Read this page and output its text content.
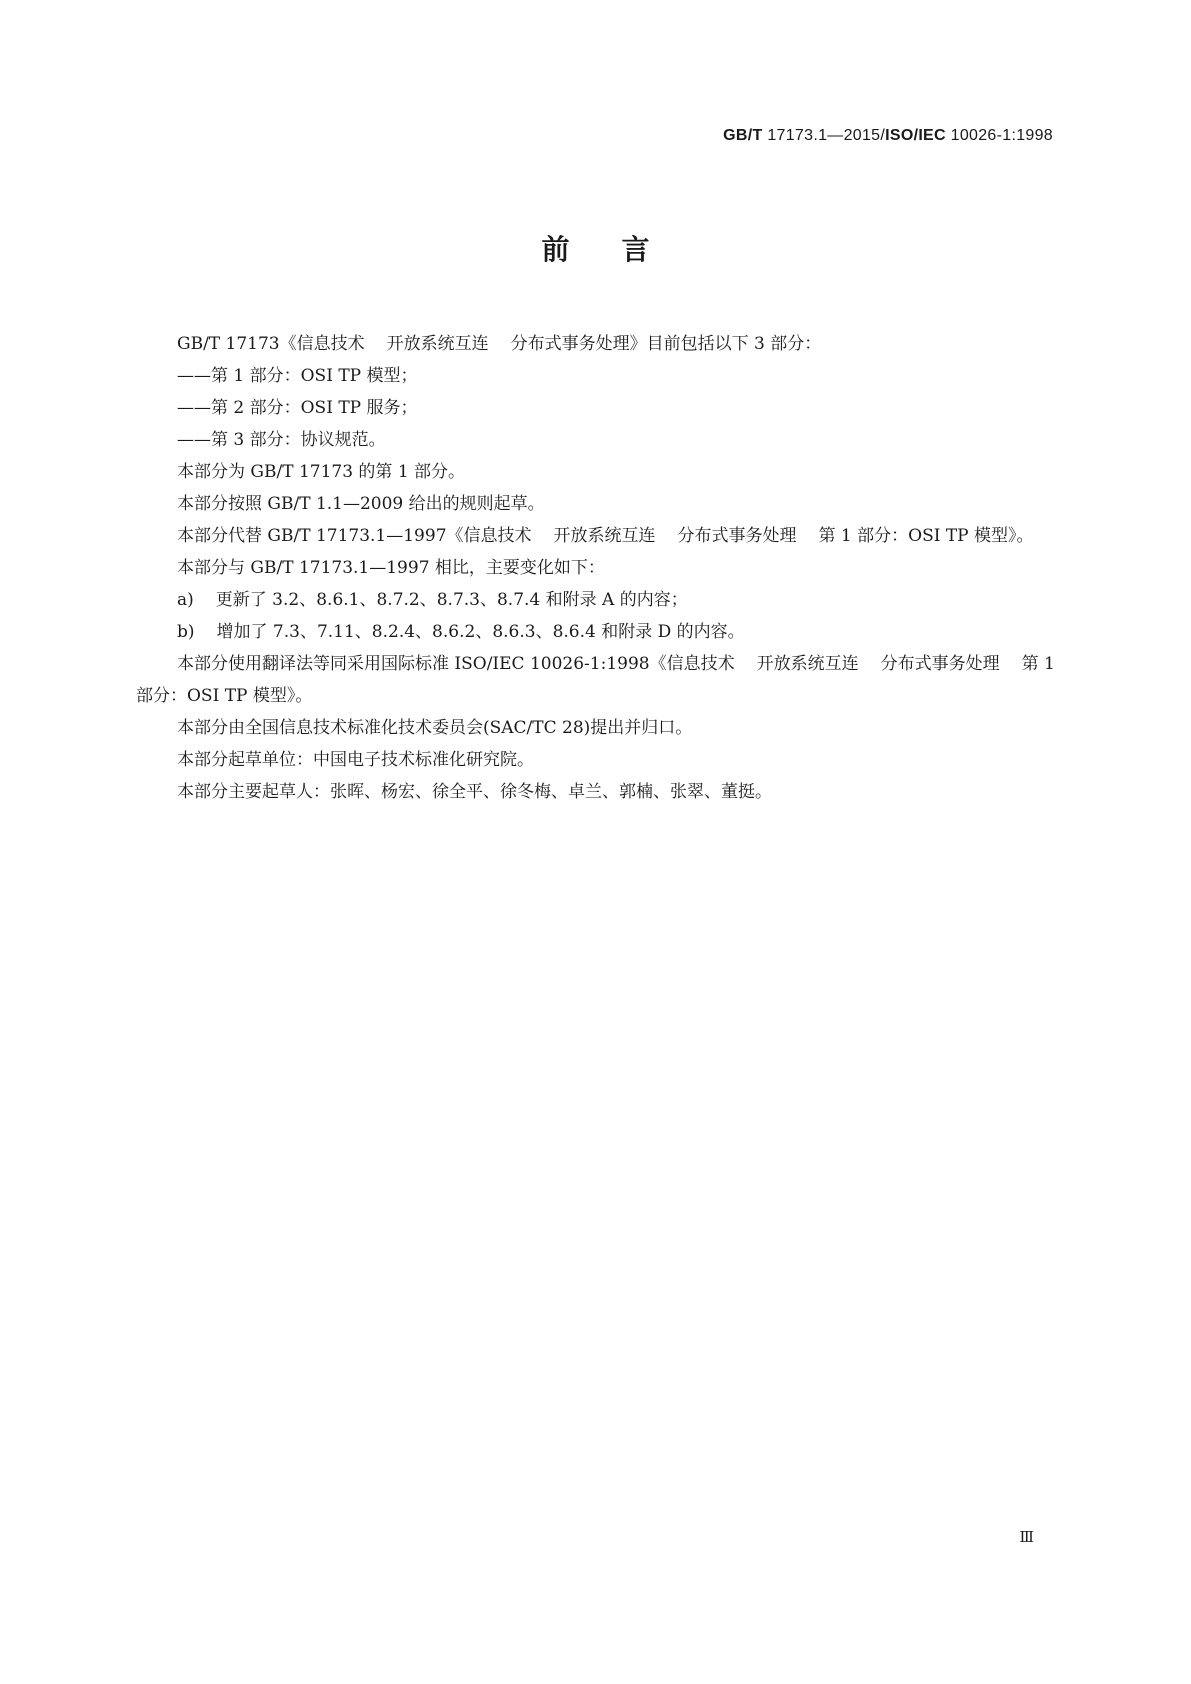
GB/T 17173.1—2015/ISO/IEC 10026-1:1998
前言

GB/T 17173《信息技术 开放系统互连 分布式事务处理》目前包括以下 3 部分：

——第 1 部分：OSI TP 模型；

——第 2 部分：OSI TP 服务；

——第 3 部分：协议规范。

本部分为 GB/T 17173 的第 1 部分。

本部分按照 GB/T 1.1—2009 给出的规则起草。

本部分代替 GB/T 17173.1—1997《信息技术 开放系统互连 分布式事务处理 第 1 部分：OSI TP 模型》。

本部分与 GB/T 17173.1—1997 相比，主要变化如下：

a) 更新了 3.2、8.6.1、8.7.2、8.7.3、8.7.4 和附录 A 的内容；

b) 增加了 7.3、7.11、8.2.4、8.6.2、8.6.3、8.6.4 和附录 D 的内容。

本部分使用翻译法等同采用国际标准 ISO/IEC 10026-1:1998《信息技术 开放系统互连 分布式事务处理 第 1 部分：OSI TP 模型》。

本部分由全国信息技术标准化技术委员会(SAC/TC 28)提出并归口。

本部分起草单位：中国电子技术标准化研究院。

本部分主要起草人：张晖、杨宏、徐全平、徐冬梅、卓兰、郭楠、张翠、董挺。

Ⅲ
